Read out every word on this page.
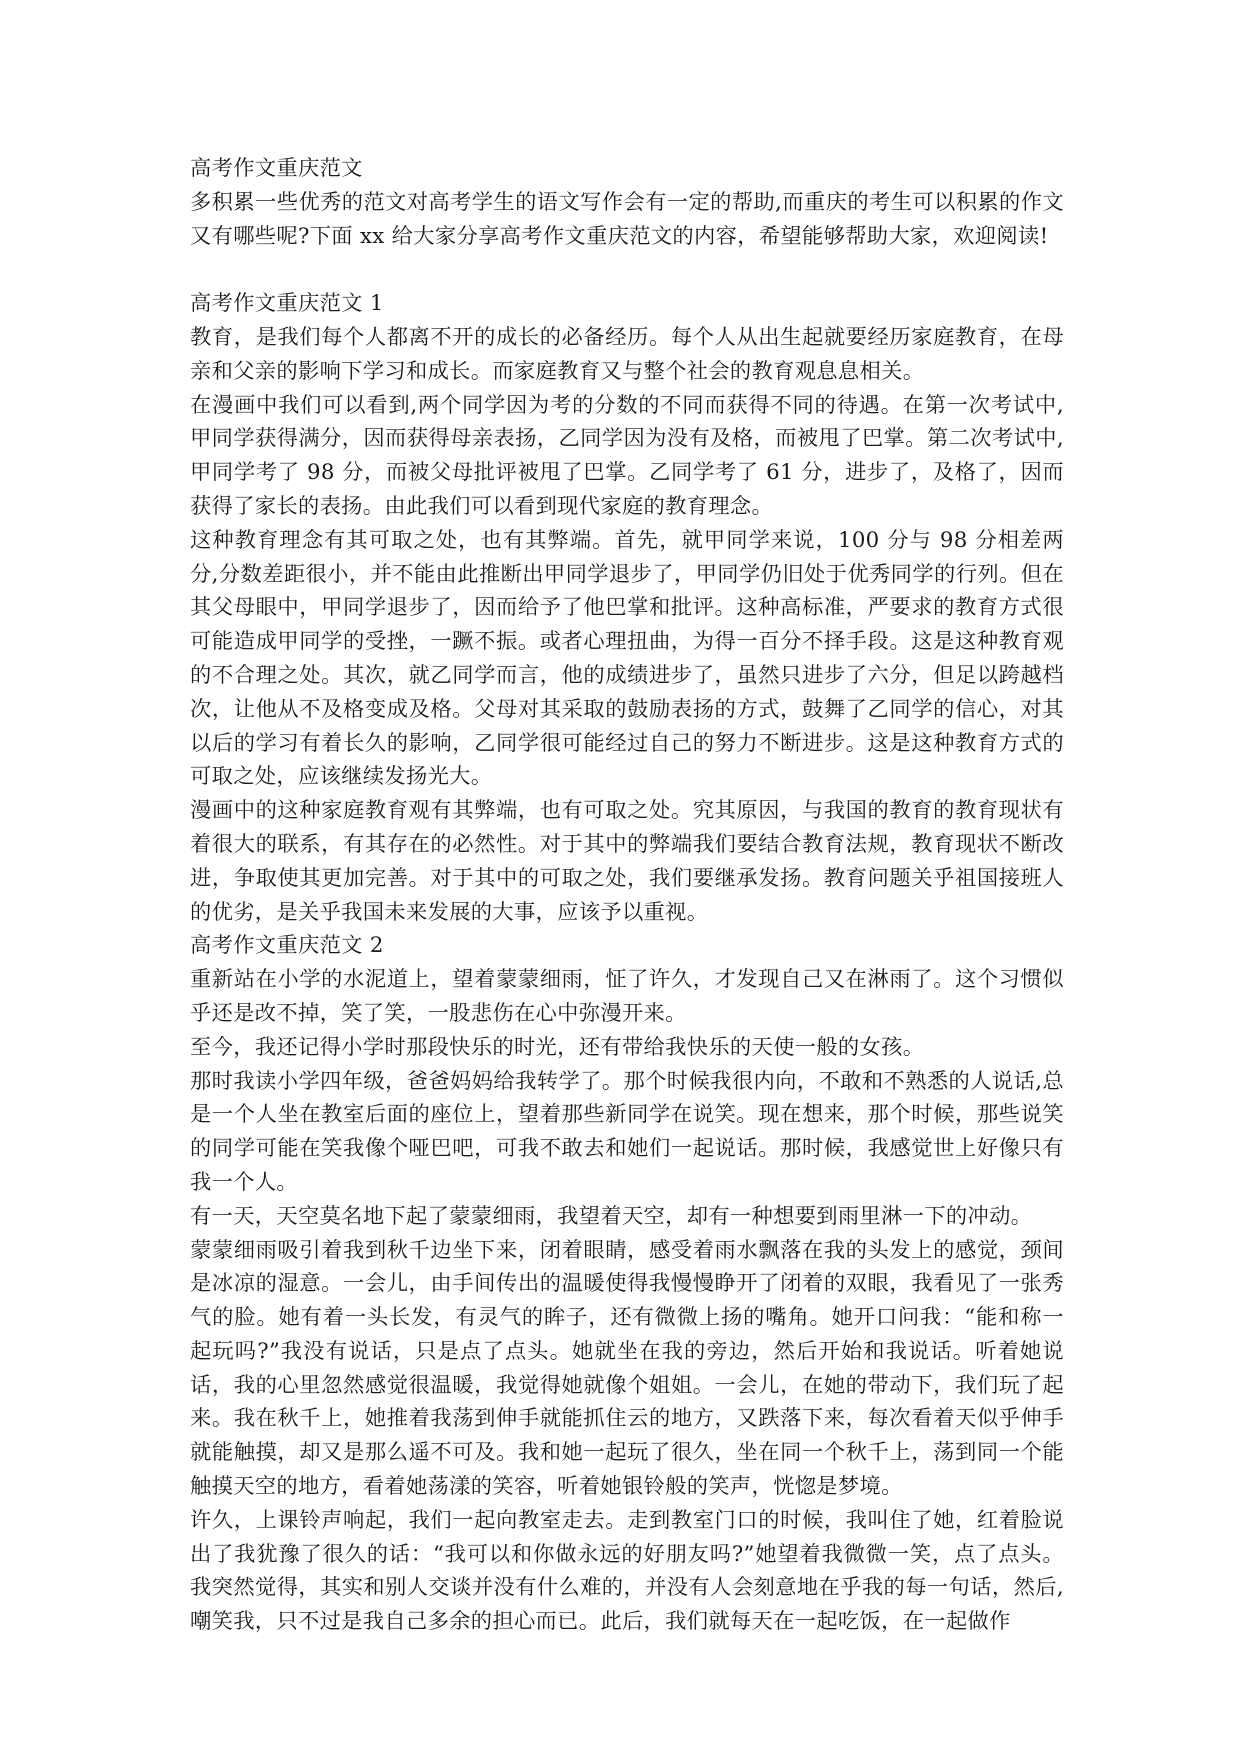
高考作文重庆范文

多积累一些优秀的范文对高考学生的语文写作会有一定的帮助,而重庆的考生可以积累的作文又有哪些呢?下面 xx 给大家分享高考作文重庆范文的内容，希望能够帮助大家，欢迎阅读!

高考作文重庆范文 1

教育，是我们每个人都离不开的成长的必备经历。每个人从出生起就要经历家庭教育，在母亲和父亲的影响下学习和成长。而家庭教育又与整个社会的教育观息息相关。

在漫画中我们可以看到,两个同学因为考的分数的不同而获得不同的待遇。在第一次考试中,甲同学获得满分，因而获得母亲表扬，乙同学因为没有及格，而被甩了巴掌。第二次考试中,甲同学考了 98 分，而被父母批评被甩了巴掌。乙同学考了 61 分，进步了，及格了，因而获得了家长的表扬。由此我们可以看到现代家庭的教育理念。

这种教育理念有其可取之处，也有其弊端。首先，就甲同学来说，100 分与 98 分相差两分,分数差距很小，并不能由此推断出甲同学退步了，甲同学仍旧处于优秀同学的行列。但在其父母眼中，甲同学退步了，因而给予了他巴掌和批评。这种高标准，严要求的教育方式很可能造成甲同学的受挫，一蹶不振。或者心理扭曲，为得一百分不择手段。这是这种教育观的不合理之处。其次，就乙同学而言，他的成绩进步了，虽然只进步了六分，但足以跨越档次，让他从不及格变成及格。父母对其采取的鼓励表扬的方式，鼓舞了乙同学的信心，对其以后的学习有着长久的影响，乙同学很可能经过自己的努力不断进步。这是这种教育方式的可取之处，应该继续发扬光大。

漫画中的这种家庭教育观有其弊端，也有可取之处。究其原因，与我国的教育的教育现状有着很大的联系，有其存在的必然性。对于其中的弊端我们要结合教育法规，教育现状不断改进，争取使其更加完善。对于其中的可取之处，我们要继承发扬。教育问题关乎祖国接班人的优劣，是关乎我国未来发展的大事，应该予以重视。

高考作文重庆范文 2

重新站在小学的水泥道上，望着蒙蒙细雨，怔了许久，才发现自己又在淋雨了。这个习惯似乎还是改不掉，笑了笑，一股悲伤在心中弥漫开来。

至今，我还记得小学时那段快乐的时光，还有带给我快乐的天使一般的女孩。

那时我读小学四年级，爸爸妈妈给我转学了。那个时候我很内向，不敢和不熟悉的人说话,总是一个人坐在教室后面的座位上，望着那些新同学在说笑。现在想来，那个时候，那些说笑的同学可能在笑我像个哑巴吧，可我不敢去和她们一起说话。那时候，我感觉世上好像只有我一个人。

有一天，天空莫名地下起了蒙蒙细雨，我望着天空，却有一种想要到雨里淋一下的冲动。

蒙蒙细雨吸引着我到秋千边坐下来，闭着眼睛，感受着雨水飘落在我的头发上的感觉，颈间是冰凉的湿意。一会儿，由手间传出的温暖使得我慢慢睁开了闭着的双眼，我看见了一张秀气的脸。她有着一头长发，有灵气的眸子，还有微微上扬的嘴角。她开口问我：“能和称一起玩吗?”我没有说话，只是点了点头。她就坐在我的旁边，然后开始和我说话。听着她说话，我的心里忽然感觉很温暖，我觉得她就像个姐姐。一会儿，在她的带动下，我们玩了起来。我在秋千上，她推着我荡到伸手就能抓住云的地方，又跌落下来，每次看着天似乎伸手就能触摸，却又是那么遥不可及。我和她一起玩了很久，坐在同一个秋千上，荡到同一个能触摸天空的地方，看着她荡漾的笑容，听着她银铃般的笑声，恍惚是梦境。

许久，上课铃声响起，我们一起向教室走去。走到教室门口的时候，我叫住了她，红着脸说出了我犹豫了很久的话：“我可以和你做永远的好朋友吗?”她望着我微微一笑，点了点头。我突然觉得，其实和别人交谈并没有什么难的，并没有人会刻意地在乎我的每一句话，然后,嘲笑我，只不过是我自己多余的担心而已。此后，我们就每天在一起吃饭，在一起做作
